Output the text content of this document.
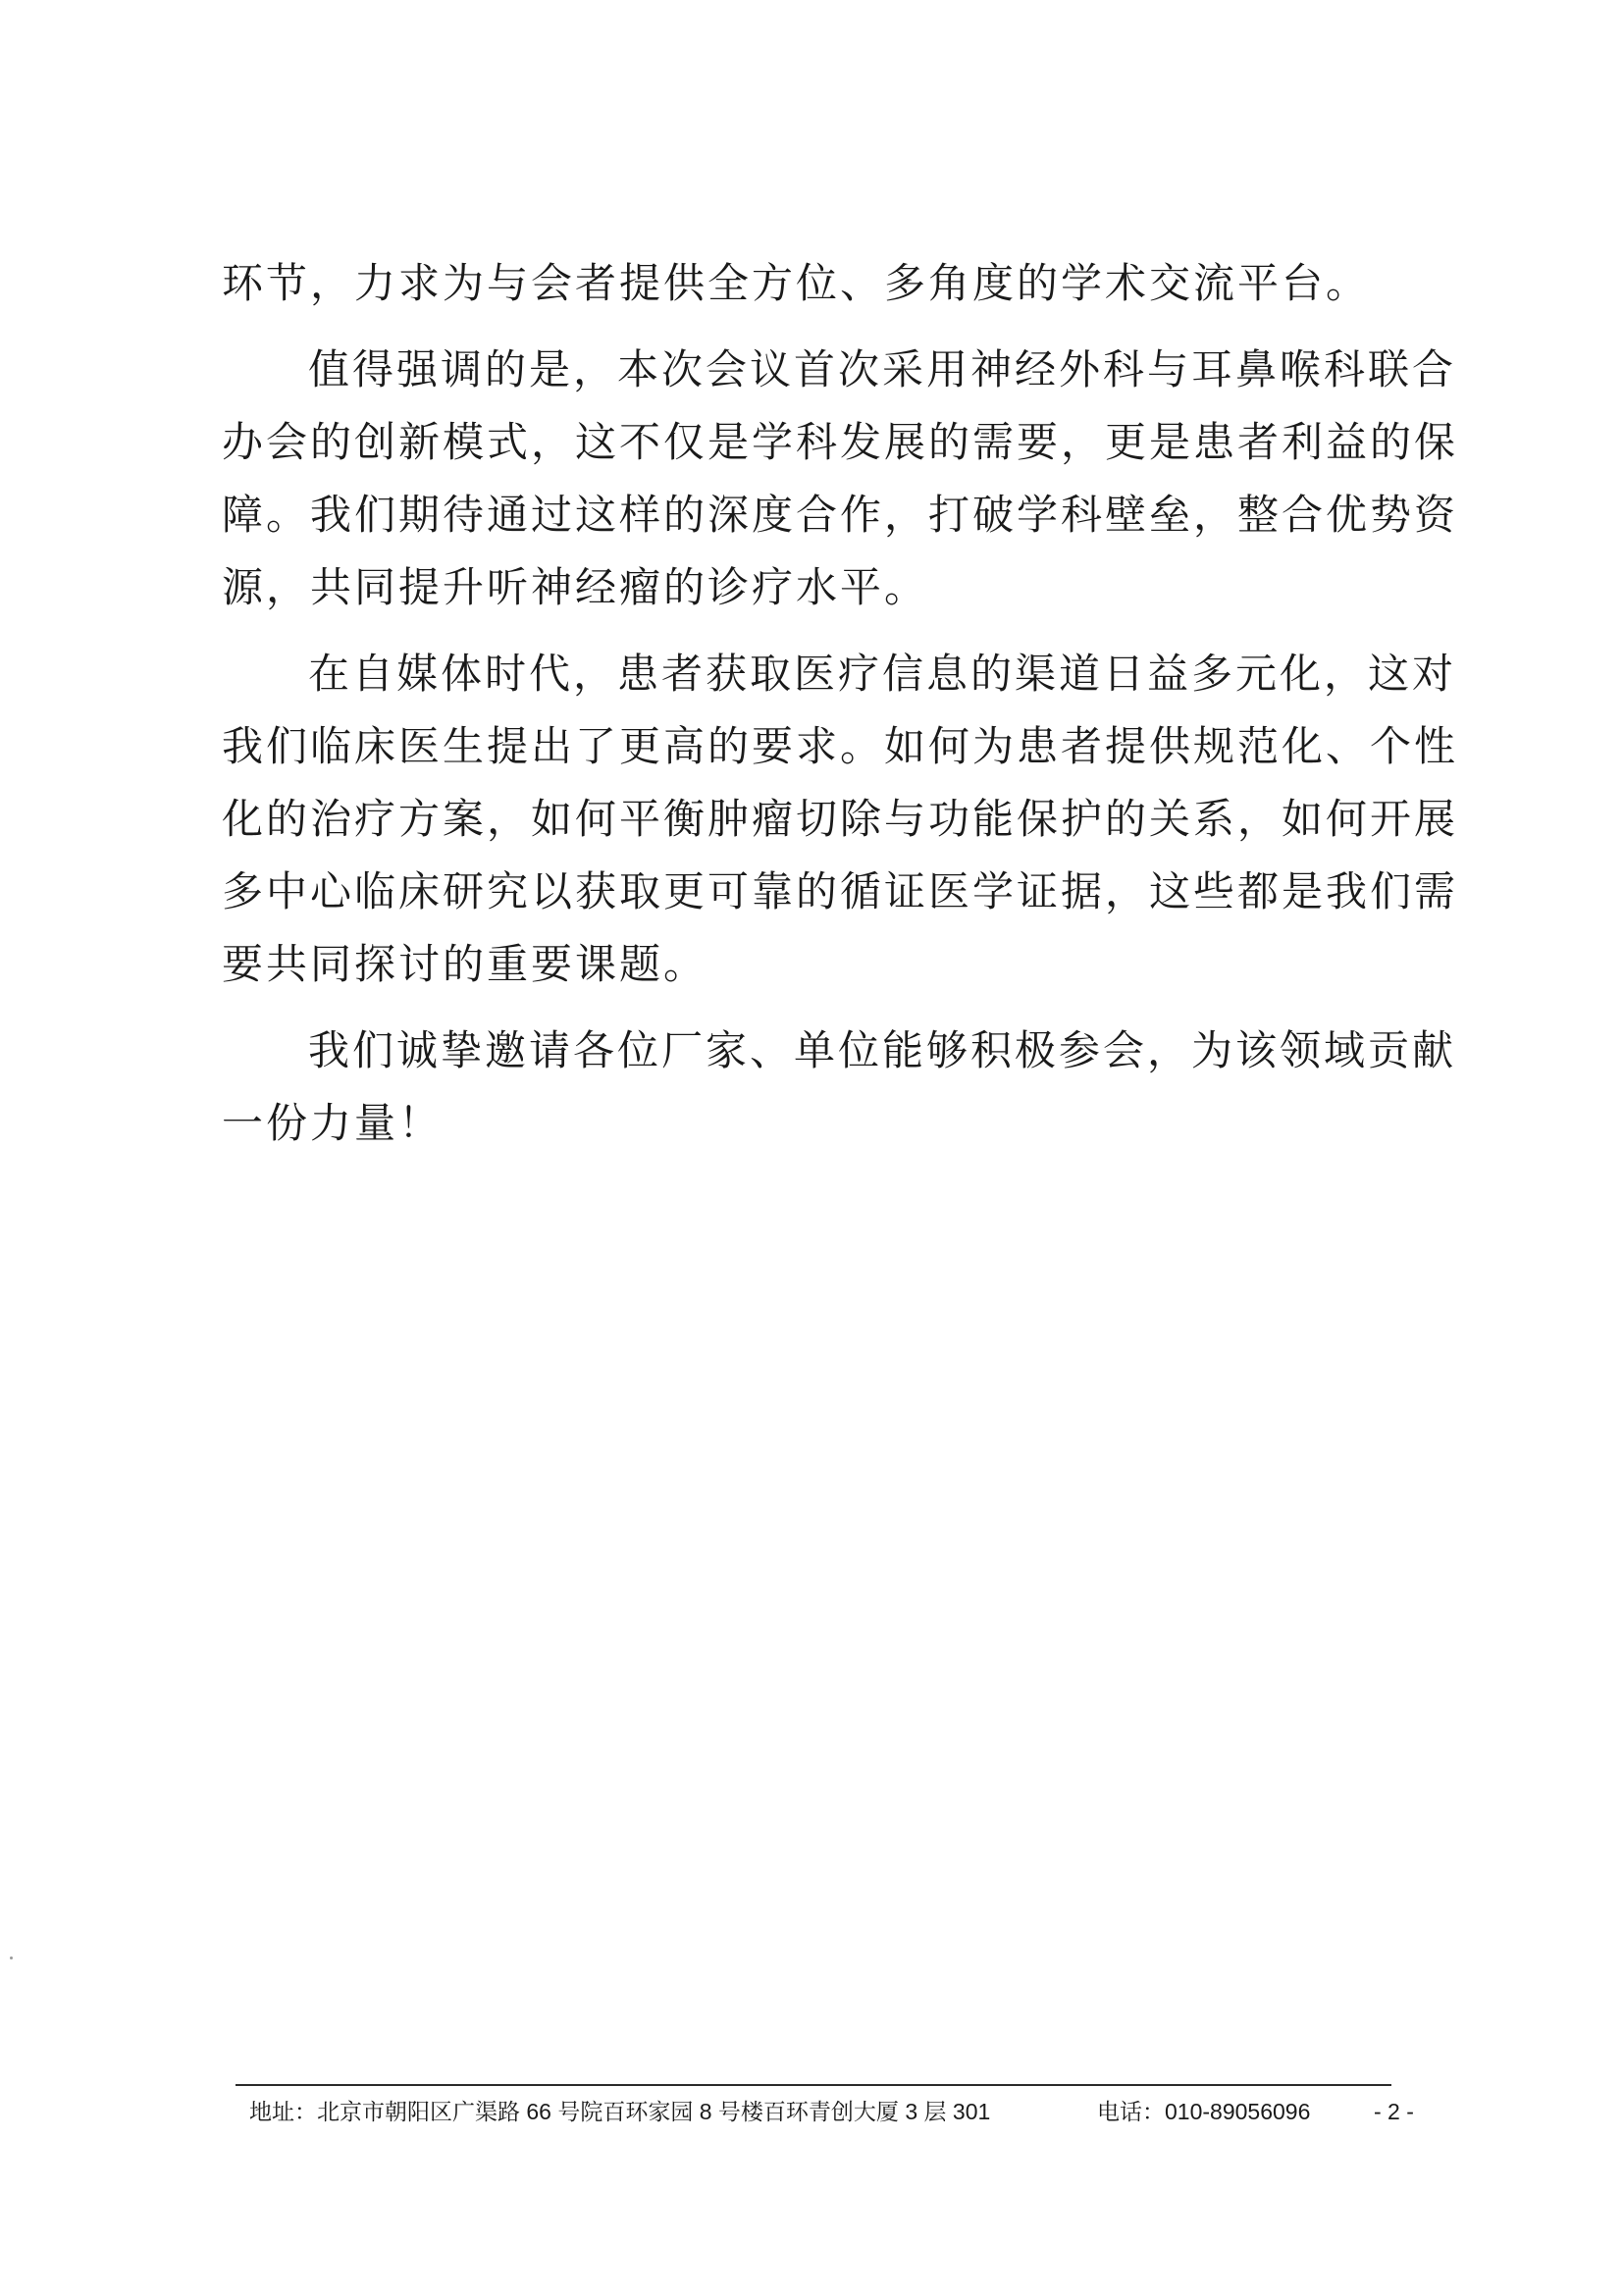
环节，力求为与会者提供全方位、多角度的学术交流平台。
值得强调的是，本次会议首次采用神经外科与耳鼻喉科联合
办会的创新模式，这不仅是学科发展的需要，更是患者利益的保
障。我们期待通过这样的深度合作，打破学科壁垒，整合优势资
源，共同提升听神经瘤的诊疗水平。
在自媒体时代，患者获取医疗信息的渠道日益多元化，这对
我们临床医生提出了更高的要求。如何为患者提供规范化、个性
化的治疗方案，如何平衡肿瘤切除与功能保护的关系，如何开展
多中心临床研究以获取更可靠的循证医学证据，这些都是我们需
要共同探讨的重要课题。
我们诚挚邀请各位厂家、单位能够积极参会，为该领域贡献
一份力量！
地址：北京市朝阳区广渠路 66 号院百环家园 8 号楼百环青创大厦 3 层 301	电话：010-89056096	- 2 -
